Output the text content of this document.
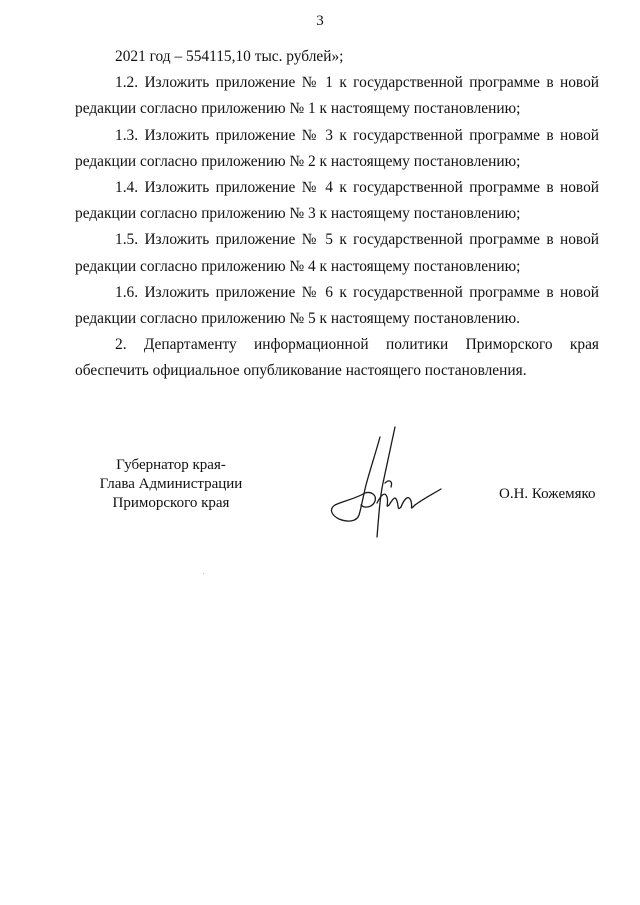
3
2021 год – 554115,10 тыс. рублей»;
1.2. Изложить приложение № 1 к государственной программе в новой
редакции согласно приложению № 1 к настоящему постановлению;
1.3. Изложить приложение № 3 к государственной программе в новой
редакции согласно приложению № 2 к настоящему постановлению;
1.4. Изложить приложение № 4 к государственной программе в новой
редакции согласно приложению № 3 к настоящему постановлению;
1.5. Изложить приложение № 5 к государственной программе в новой
редакции согласно приложению № 4 к настоящему постановлению;
1.6. Изложить приложение № 6 к государственной программе в новой
редакции согласно приложению № 5 к настоящему постановлению.
2. Департаменту информационной политики Приморского края
обеспечить официальное опубликование настоящего постановления.
Губернатор края-
Глава Администрации
Приморского края
О.Н. Кожемяко
